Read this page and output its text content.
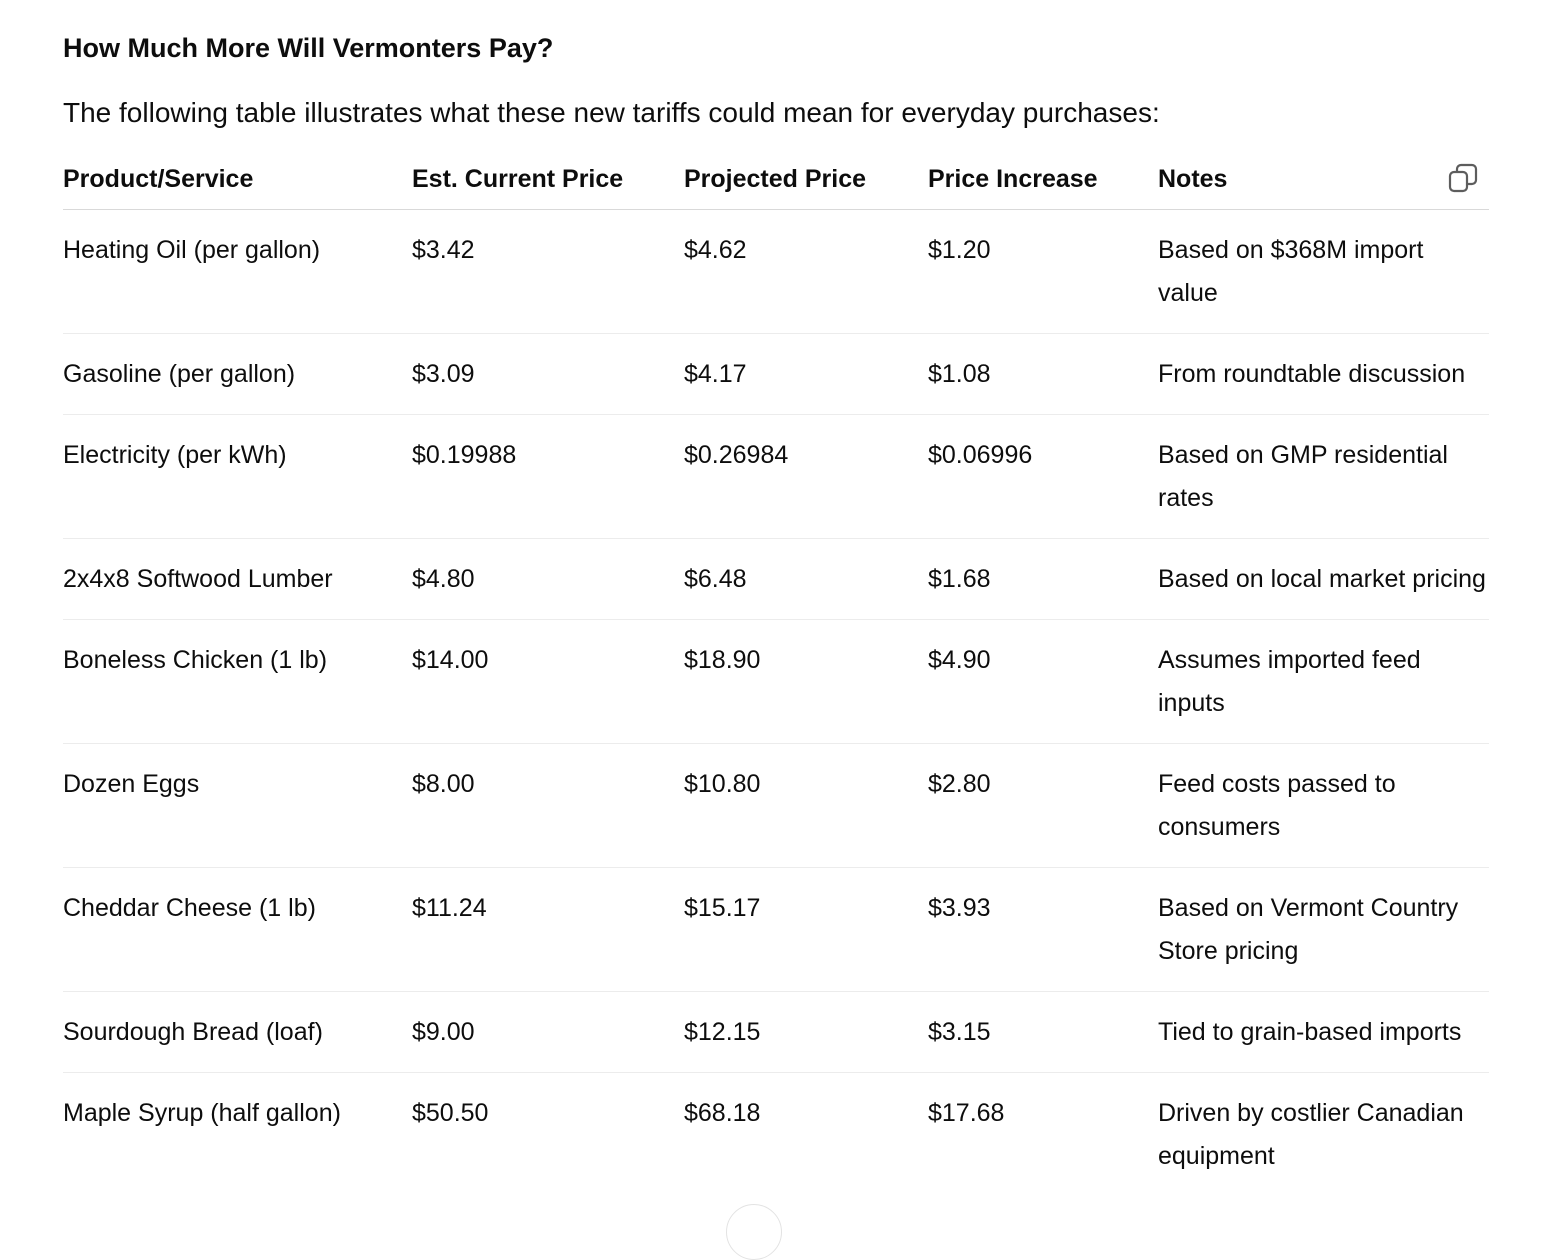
How Much More Will Vermonters Pay?

The following table illustrates what these new tariffs could mean for everyday purchases:

Product/Service	Est. Current Price	Projected Price	Price Increase	Notes
Heating Oil (per gallon)	$3.42	$4.62	$1.20	Based on $368M import value
Gasoline (per gallon)	$3.09	$4.17	$1.08	From roundtable discussion
Electricity (per kWh)	$0.19988	$0.26984	$0.06996	Based on GMP residential rates
2x4x8 Softwood Lumber	$4.80	$6.48	$1.68	Based on local market pricing
Boneless Chicken (1 lb)	$14.00	$18.90	$4.90	Assumes imported feed inputs
Dozen Eggs	$8.00	$10.80	$2.80	Feed costs passed to consumers
Cheddar Cheese (1 lb)	$11.24	$15.17	$3.93	Based on Vermont Country Store pricing
Sourdough Bread (loaf)	$9.00	$12.15	$3.15	Tied to grain-based imports
Maple Syrup (half gallon)	$50.50	$68.18	$17.68	Driven by costlier Canadian equipment
